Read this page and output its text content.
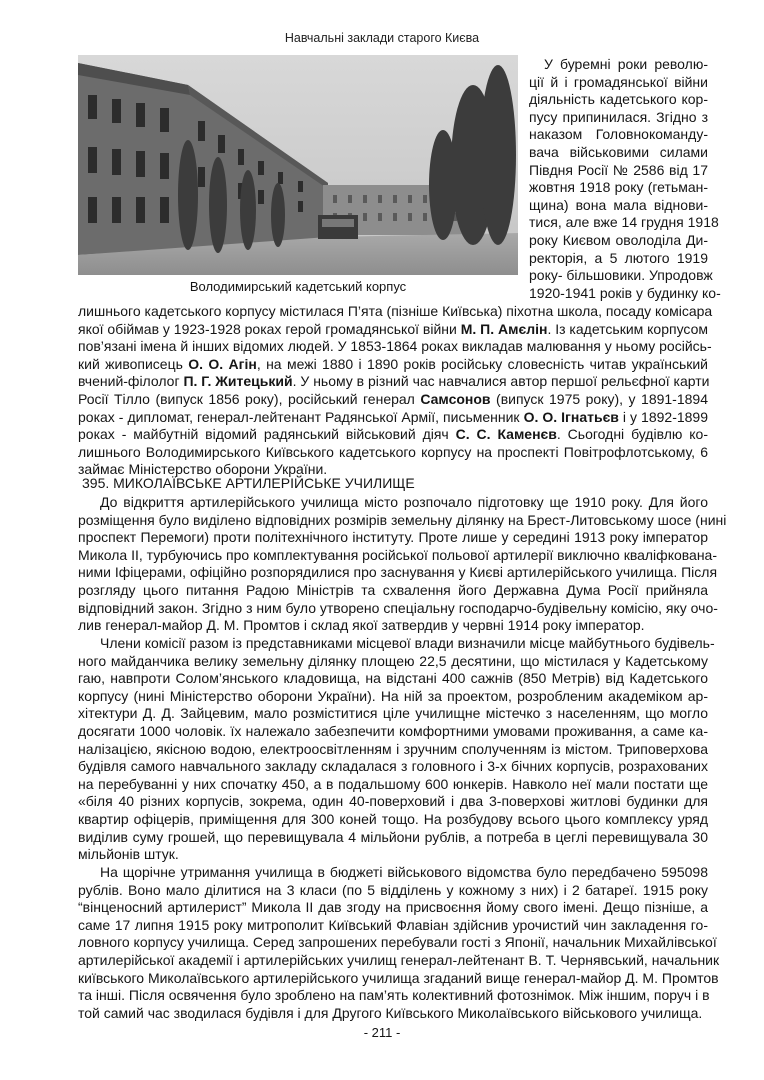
Навчальні заклади старого Києва
Володимирський кадетський корпус
У буремні роки револю-
ції й і громадянської війни
діяльність кадетського кор-
пусу припинилася. Згідно з
наказом Головнокоманду-
вача військовими силами
Півдня Росії № 2586 від 17
жовтня 1918 року (гетьман-
щина) вона мала віднови-
тися, але вже 14 грудня 1918
року Києвом оволоділа Ди-
ректорія, а 5 лютого 1919
року- більшовики. Упродовж
1920-1941 років у будинку ко-
лишнього кадетського корпусу містилася П’ята (пізніше Київська) піхотна школа, посаду комісара
якої обіймав у 1923-1928 роках герой громадянської війни М. П. Амєлін. Із кадетським корпусом
пов’язані імена й інших відомих людей. У 1853-1864 роках викладав малювання у ньому російсь-
кий живописець О. О. Агін, на межі 1880 і 1890 років російську словесність читав український
вчений-філолог П. Г. Житецький. У ньому в різний час навчалися автор першої рельєфної карти
Росії Тілло (випуск 1856 року), російський генерал Самсонов (випуск 1975 року), у 1891-1894
роках - дипломат, генерал-лейтенант Радянської Армії, письменник О. О. Ігнатьєв і у 1892-1899
роках - майбутній відомий радянський військовий діяч С. С. Каменєв. Сьогодні будівлю ко-
лишнього Володимирського Київського кадетського корпусу на проспекті Повітрофлотському, 6
займає Міністерство оборони України.
395. МИКОЛАЇВСЬКЕ АРТИЛЕРІЙСЬКЕ УЧИЛИЩЕ
До відкриття артилерійського училища місто розпочало підготовку ще 1910 року. Для його
розміщення було виділено відповідних розмірів земельну ділянку на Брест-Литовському шосе (нині
проспект Перемоги) проти політехнічного інституту. Проте лише у середині 1913 року імператор
Микола II, турбуючись про комплектування російської польової артилерії виключно кваліфкована-
ними Іфіцерами, офіційно розпорядилися про заснування у Києві артилерійського училища. Після
розгляду цього питання Радою Міністрів та схвалення його Державна Дума Росії прийняла
відповідний закон. Згідно з ним було утворено спеціальну господарчо-будівельну комісію, яку очо-
лив генерал-майор Д. М. Промтов і склад якої затвердив у червні 1914 року імператор.
Члени комісії разом із представниками місцевої влади визначили місце майбутнього будівель-
ного майданчика велику земельну ділянку площею 22,5 десятини, що містилася у Кадетському
гаю, навпроти Солом’янського кладовища, на відстані 400 сажнів (850 Метрів) від Кадетського
корпусу (нині Міністерство оборони України). На ній за проектом, розробленим академіком ар-
хітектури Д. Д. Зайцевим, мало розміститися ціле училищне містечко з населенням, що могло
досягати 1000 чоловік. їх належало забезпечити комфортними умовами проживання, а саме ка-
налізацією, якісною водою, електроосвітленням і зручним сполученням із містом. Триповерхова
будівля самого навчального закладу складалася з головного і 3-х бічних корпусів, розрахованих
на перебуванні у них спочатку 450, а в подальшому 600 юнкерів. Навколо неї мали постати ще
«біля 40 різних корпусів, зокрема, один 40-поверховий і два 3-поверхові житлові будинки для
квартир офіцерів, приміщення для 300 коней тощо. На розбудову всього цього комплексу уряд
виділив суму грошей, що перевищувала 4 мільйони рублів, а потреба в цеглі перевищувала 30
мільйонів штук.
На щорічне утримання училища в бюджеті військового відомства було передбачено 595098
рублів. Воно мало ділитися на 3 класи (по 5 відділень у кожному з них) і 2 батареї. 1915 року
“вінценосний артилерист” Микола II дав згоду на присвоєння йому свого імені. Дещо пізніше, а
саме 17 липня 1915 року митрополит Київський Флавіан здійснив урочистий чин закладення го-
ловного корпусу училища. Серед запрошених перебували гості з Японії, начальник Михайлівської
артилерійської академії і артилерійських училищ генерал-лейтенант В. Т. Чернявський, начальник
київського Миколаївського артилерійського училища згаданий вище генерал-майор Д. М. Промтов
та інші. Після освячення було зроблено на пам’ять колективний фотознімок. Між іншим, поруч і в
той самий час зводилася будівля і для Другого Київського Миколаївського військового училища.
- 211 -
